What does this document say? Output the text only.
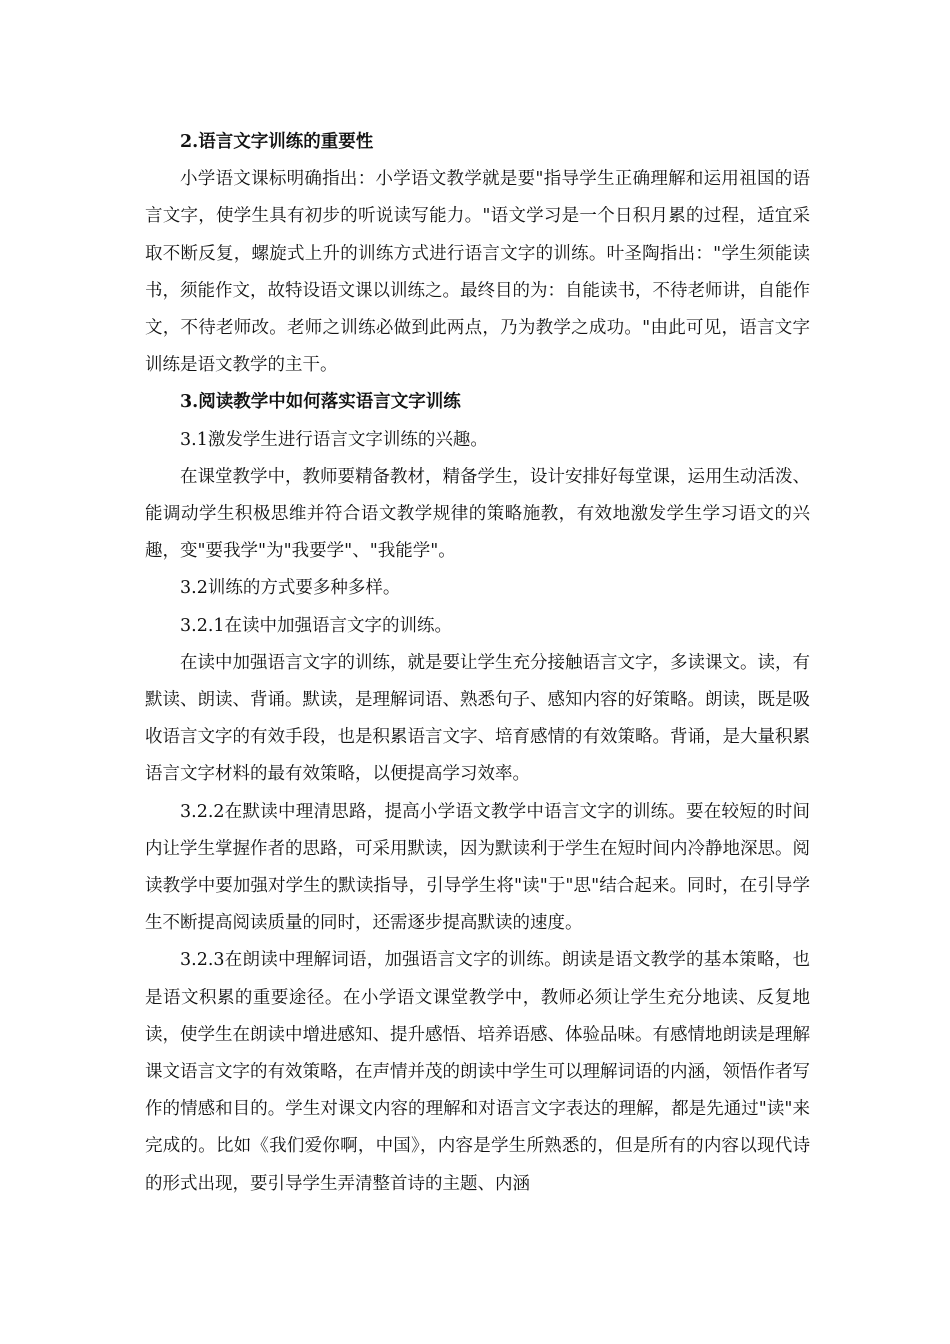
2.语言文字训练的重要性

小学语文课标明确指出：小学语文教学就是要"指导学生正确理解和运用祖国的语言文字，使学生具有初步的听说读写能力。"语文学习是一个日积月累的过程，适宜采取不断反复，螺旋式上升的训练方式进行语言文字的训练。叶圣陶指出："学生须能读书，须能作文，故特设语文课以训练之。最终目的为：自能读书，不待老师讲，自能作文，不待老师改。老师之训练必做到此两点，乃为教学之成功。"由此可见，语言文字训练是语文教学的主干。

3.阅读教学中如何落实语言文字训练

3.1激发学生进行语言文字训练的兴趣。

在课堂教学中，教师要精备教材，精备学生，设计安排好每堂课，运用生动活泼、能调动学生积极思维并符合语文教学规律的策略施教，有效地激发学生学习语文的兴趣，变"要我学"为"我要学"、"我能学"。

3.2训练的方式要多种多样。

3.2.1在读中加强语言文字的训练。

在读中加强语言文字的训练，就是要让学生充分接触语言文字，多读课文。读，有默读、朗读、背诵。默读，是理解词语、熟悉句子、感知内容的好策略。朗读，既是吸收语言文字的有效手段，也是积累语言文字、培育感情的有效策略。背诵，是大量积累语言文字材料的最有效策略，以便提高学习效率。

3.2.2在默读中理清思路，提高小学语文教学中语言文字的训练。要在较短的时间内让学生掌握作者的思路，可采用默读，因为默读利于学生在短时间内冷静地深思。阅读教学中要加强对学生的默读指导，引导学生将"读"于"思"结合起来。同时，在引导学生不断提高阅读质量的同时，还需逐步提高默读的速度。

3.2.3在朗读中理解词语，加强语言文字的训练。朗读是语文教学的基本策略，也是语文积累的重要途径。在小学语文课堂教学中，教师必须让学生充分地读、反复地读，使学生在朗读中增进感知、提升感悟、培养语感、体验品味。有感情地朗读是理解课文语言文字的有效策略，在声情并茂的朗读中学生可以理解词语的内涵，领悟作者写作的情感和目的。学生对课文内容的理解和对语言文字表达的理解，都是先通过"读"来完成的。比如《我们爱你啊，中国》，内容是学生所熟悉的，但是所有的内容以现代诗的形式出现，要引导学生弄清整首诗的主题、内涵
